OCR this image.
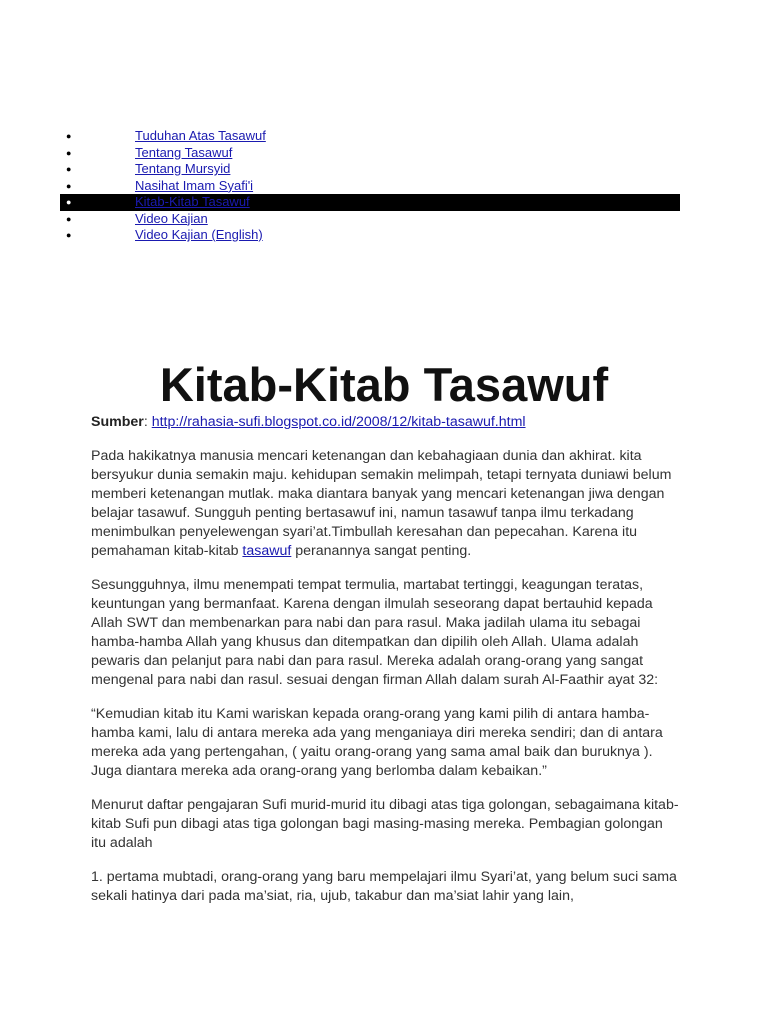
●	Tuduhan Atas Tasawuf
●	Tentang Tasawuf
●	Tentang Mursyid
●	Nasihat Imam Syafi'i
●	Kitab-Kitab Tasawuf
●	Video Kajian
●	Video Kajian (English)
Kitab-Kitab Tasawuf

Sumber: http://rahasia-sufi.blogspot.co.id/2008/12/kitab-tasawuf.html

Pada hakikatnya manusia mencari ketenangan dan kebahagiaan dunia dan akhirat. kita bersyukur dunia semakin maju. kehidupan semakin melimpah, tetapi ternyata duniawi belum memberi ketenangan mutlak. maka diantara banyak yang mencari ketenangan jiwa dengan belajar tasawuf. Sungguh penting bertasawuf ini, namun tasawuf tanpa ilmu terkadang menimbulkan penyelewengan syari’at.Timbullah keresahan dan pepecahan. Karena itu pemahaman kitab-kitab tasawuf peranannya sangat penting.

Sesungguhnya, ilmu menempati tempat termulia, martabat tertinggi, keagungan teratas, keuntungan yang bermanfaat. Karena dengan ilmulah seseorang dapat bertauhid kepada Allah SWT dan membenarkan para nabi dan para rasul. Maka jadilah ulama itu sebagai hamba-hamba Allah yang khusus dan ditempatkan dan dipilih oleh Allah. Ulama adalah pewaris dan pelanjut para nabi dan para rasul. Mereka adalah orang-orang yang sangat mengenal para nabi dan rasul. sesuai dengan firman Allah dalam surah Al-Faathir ayat 32:

“Kemudian kitab itu Kami wariskan kepada orang-orang yang kami pilih di antara hamba-hamba kami, lalu di antara mereka ada yang menganiaya diri mereka sendiri; dan di antara mereka ada yang pertengahan, ( yaitu orang-orang yang sama amal baik dan buruknya ). Juga diantara mereka ada orang-orang yang berlomba dalam kebaikan.”

Menurut daftar pengajaran Sufi murid-murid itu dibagi atas tiga golongan, sebagaimana kitab-kitab Sufi pun dibagi atas tiga golongan bagi masing-masing mereka. Pembagian golongan itu adalah

1. pertama mubtadi, orang-orang yang baru mempelajari ilmu Syari’at, yang belum suci sama sekali hatinya dari pada ma’siat, ria, ujub, takabur dan ma’siat lahir yang lain,
